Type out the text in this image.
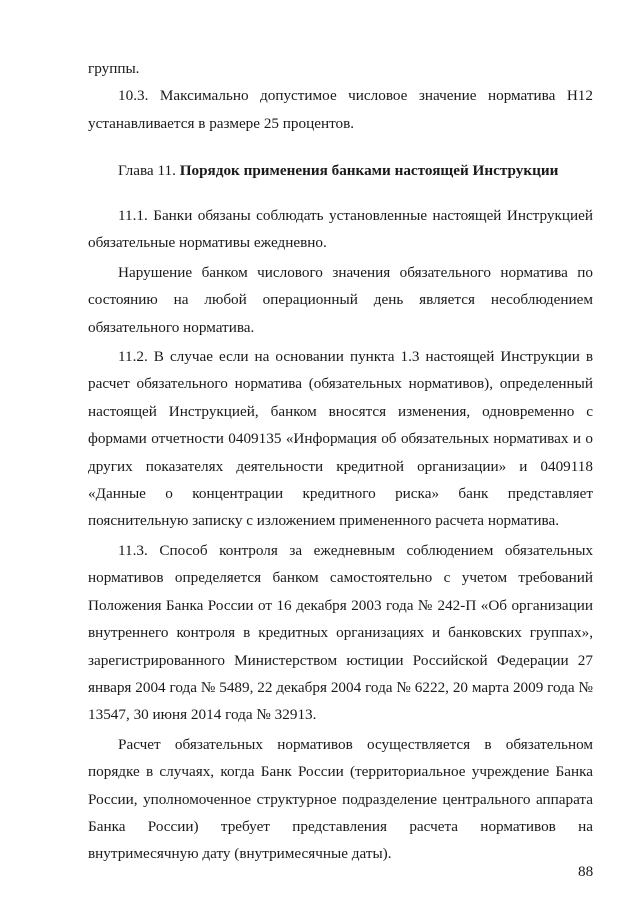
группы.

10.3. Максимально допустимое числовое значение норматива Н12 устанавливается в размере 25 процентов.

Глава 11. Порядок применения банками настоящей Инструкции

11.1. Банки обязаны соблюдать установленные настоящей Инструкцией обязательные нормативы ежедневно.

Нарушение банком числового значения обязательного норматива по состоянию на любой операционный день является несоблюдением обязательного норматива.

11.2. В случае если на основании пункта 1.3 настоящей Инструкции в расчет обязательного норматива (обязательных нормативов), определенный настоящей Инструкцией, банком вносятся изменения, одновременно с формами отчетности 0409135 «Информация об обязательных нормативах и о других показателях деятельности кредитной организации» и 0409118 «Данные о концентрации кредитного риска» банк представляет пояснительную записку с изложением примененного расчета норматива.

11.3. Способ контроля за ежедневным соблюдением обязательных нормативов определяется банком самостоятельно с учетом требований Положения Банка России от 16 декабря 2003 года № 242-П «Об организации внутреннего контроля в кредитных организациях и банковских группах», зарегистрированного Министерством юстиции Российской Федерации 27 января 2004 года № 5489, 22 декабря 2004 года № 6222, 20 марта 2009 года № 13547, 30 июня 2014 года № 32913.

Расчет обязательных нормативов осуществляется в обязательном порядке в случаях, когда Банк России (территориальное учреждение Банка России, уполномоченное структурное подразделение центрального аппарата Банка России) требует представления расчета нормативов на внутримесячную дату (внутримесячные даты).

88
